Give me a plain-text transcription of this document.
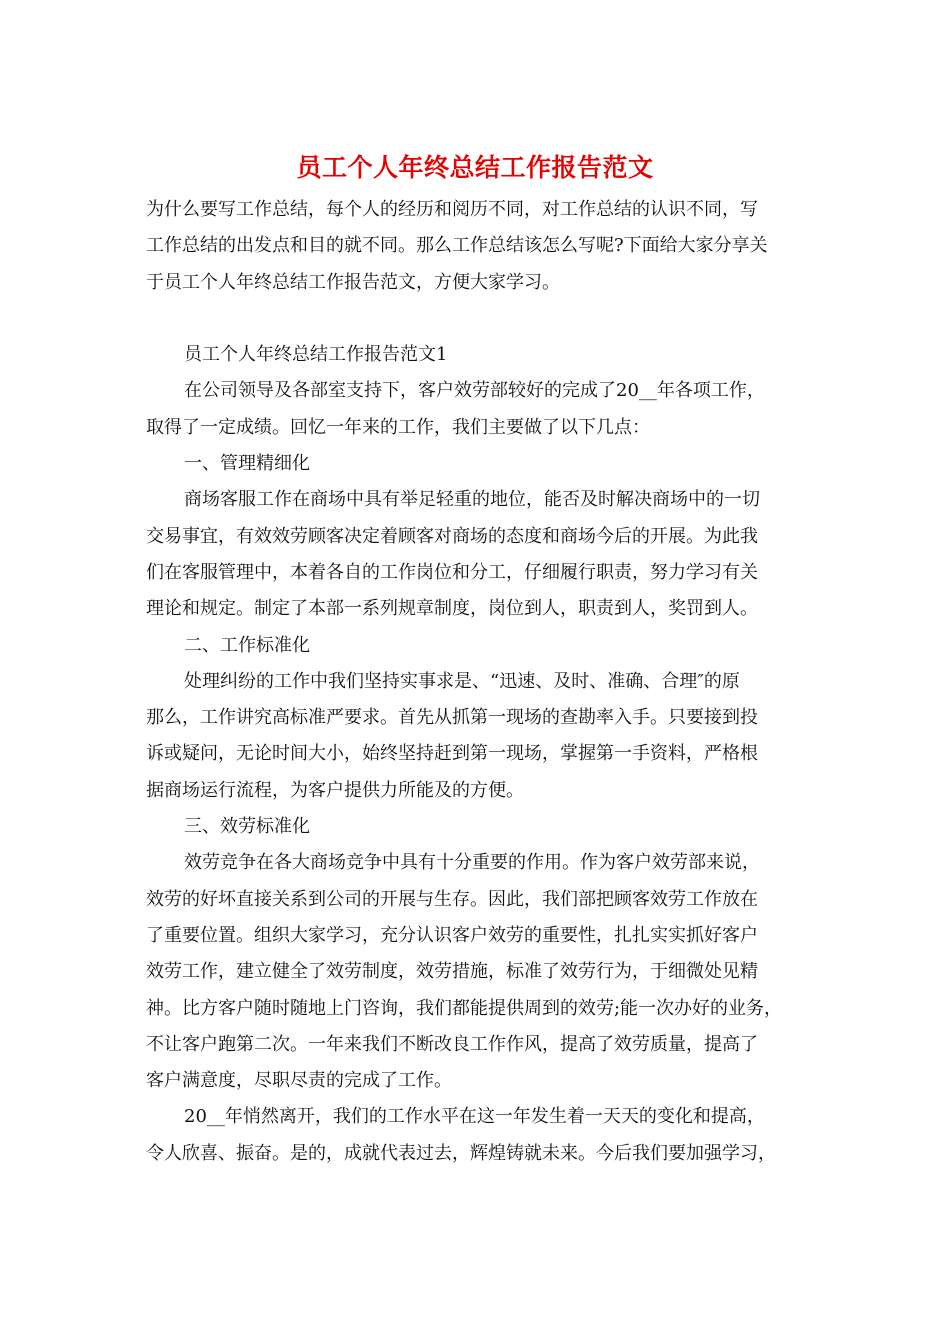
员工个人年终总结工作报告范文
为什么要写工作总结，每个人的经历和阅历不同，对工作总结的认识不同，写
工作总结的出发点和目的就不同。那么工作总结该怎么写呢?下面给大家分享关
于员工个人年终总结工作报告范文，方便大家学习。
员工个人年终总结工作报告范文1
在公司领导及各部室支持下，客户效劳部较好的完成了20__年各项工作，
取得了一定成绩。回忆一年来的工作，我们主要做了以下几点：
一、管理精细化
商场客服工作在商场中具有举足轻重的地位，能否及时解决商场中的一切
交易事宜，有效效劳顾客决定着顾客对商场的态度和商场今后的开展。为此我
们在客服管理中，本着各自的工作岗位和分工，仔细履行职责，努力学习有关
理论和规定。制定了本部一系列规章制度，岗位到人，职责到人，奖罚到人。
二、工作标准化
处理纠纷的工作中我们坚持实事求是、“迅速、及时、准确、合理″的原
那么，工作讲究高标准严要求。首先从抓第一现场的查勘率入手。只要接到投
诉或疑问，无论时间大小，始终坚持赶到第一现场，掌握第一手资料，严格根
据商场运行流程，为客户提供力所能及的方便。
三、效劳标准化
效劳竞争在各大商场竞争中具有十分重要的作用。作为客户效劳部来说，
效劳的好坏直接关系到公司的开展与生存。因此，我们部把顾客效劳工作放在
了重要位置。组织大家学习，充分认识客户效劳的重要性，扎扎实实抓好客户
效劳工作，建立健全了效劳制度，效劳措施，标准了效劳行为，于细微处见精
神。比方客户随时随地上门咨询，我们都能提供周到的效劳;能一次办好的业务，
不让客户跑第二次。一年来我们不断改良工作作风，提高了效劳质量，提高了
客户满意度，尽职尽责的完成了工作。
20__年悄然离开，我们的工作水平在这一年发生着一天天的变化和提高，
令人欣喜、振奋。是的，成就代表过去，辉煌铸就未来。今后我们要加强学习，
